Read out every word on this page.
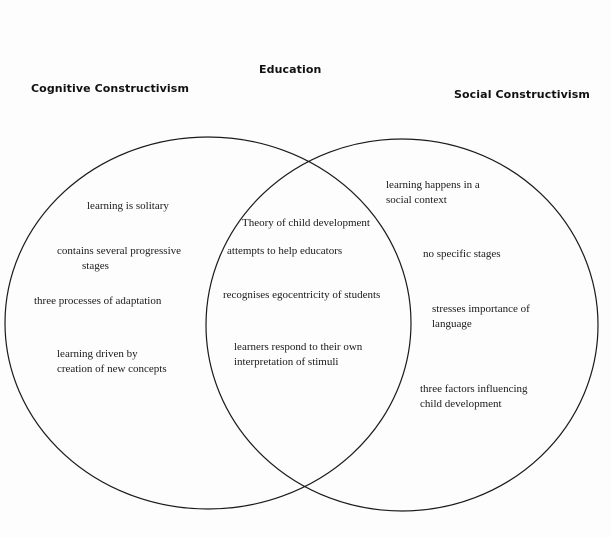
Education
Cognitive Constructivism	Social Constructivism
learning is solitary
contains several progressive
stages
three processes of adaptation
learning driven by
creation of new concepts
Theory of child development
attempts to help educators
recognises egocentricity of students
learners respond to their own
interpretation of stimuli
learning happens in a
social context
no specific stages
stresses importance of
language
three factors influencing
child development
